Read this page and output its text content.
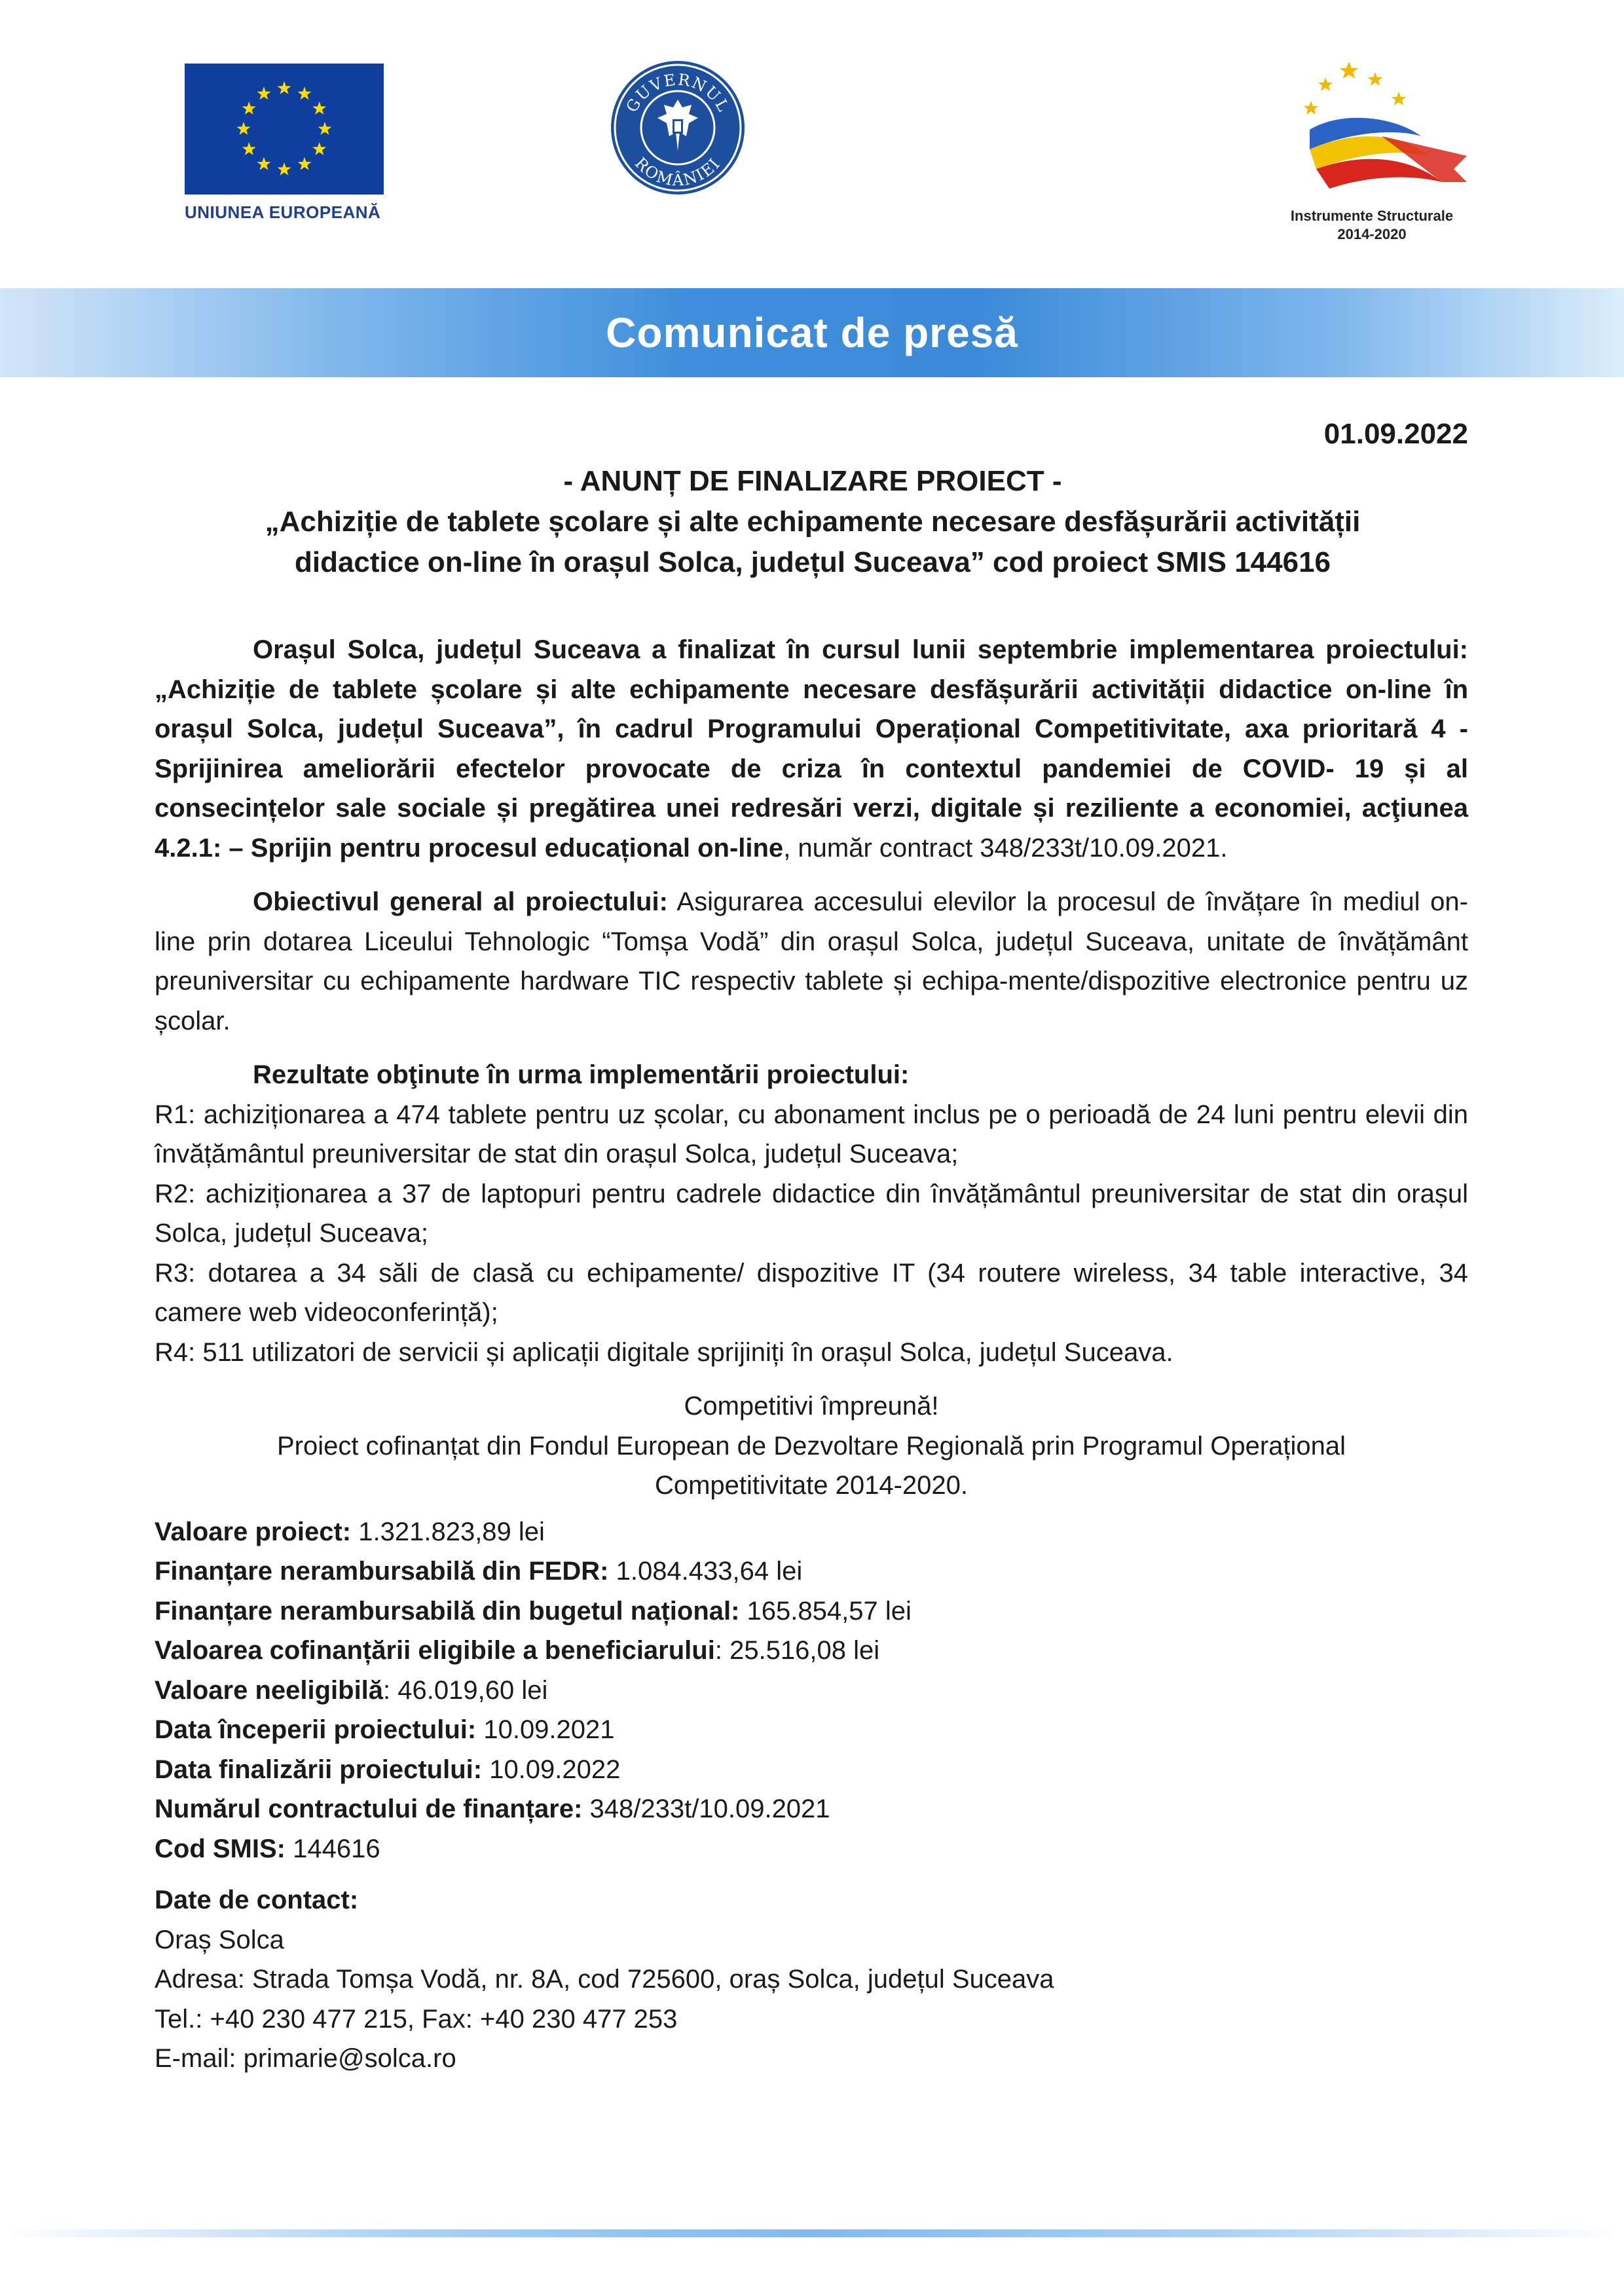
UNIUNEA EUROPEANĂ
GUVERNUL
ROMÂNIEI
Instrumente Structurale
2014-2020
Comunicat de presă
01.09.2022
- ANUNȚ DE FINALIZARE PROIECT -
„Achiziție de tablete școlare și alte echipamente necesare desfășurării activității
didactice on-line în orașul Solca, județul Suceava” cod proiect SMIS 144616

Orașul Solca, județul Suceava a finalizat în cursul lunii septembrie implementarea proiectului: „Achiziție de tablete școlare și alte echipamente necesare desfășurării activității didactice on-line în orașul Solca, județul Suceava”, în cadrul Programului Operațional Competitivitate, axa prioritară 4 - Sprijinirea ameliorării efectelor provocate de criza în contextul pandemiei de COVID- 19 și al consecințelor sale sociale și pregătirea unei redresări verzi, digitale și reziliente a economiei, acţiunea 4.2.1: – Sprijin pentru procesul educațional on-line, număr contract 348/233t/10.09.2021.

Obiectivul general al proiectului: Asigurarea accesului elevilor la procesul de învățare în mediul on-line prin dotarea Liceului Tehnologic “Tomșa Vodă” din orașul Solca, județul Suceava, unitate de învățământ preuniversitar cu echipamente hardware TIC respectiv tablete și echipa-mente/dispozitive electronice pentru uz școlar.

Rezultate obţinute în urma implementării proiectului:

R1: achiziționarea a 474 tablete pentru uz școlar, cu abonament inclus pe o perioadă de 24 luni pentru elevii din învățământul preuniversitar de stat din orașul Solca, județul Suceava;

R2: achiziționarea a 37 de laptopuri pentru cadrele didactice din învățământul preuniversitar de stat din orașul Solca, județul Suceava;

R3: dotarea a 34 săli de clasă cu echipamente/ dispozitive IT (34 routere wireless, 34 table interactive, 34 camere web videoconferință);

R4: 511 utilizatori de servicii și aplicații digitale sprijiniți în orașul Solca, județul Suceava.

Competitivi împreună!
Proiect cofinanțat din Fondul European de Dezvoltare Regională prin Programul Operațional
Competitivitate 2014-2020.
Valoare proiect: 1.321.823,89 lei
Finanțare nerambursabilă din FEDR: 1.084.433,64 lei
Finanțare nerambursabilă din bugetul național: 165.854,57 lei
Valoarea cofinanțării eligibile a beneficiarului: 25.516,08 lei
Valoare neeligibilă: 46.019,60 lei
Data începerii proiectului: 10.09.2021
Data finalizării proiectului: 10.09.2022
Numărul contractului de finanțare: 348/233t/10.09.2021
Cod SMIS: 144616

Date de contact:

Oraș Solca

Adresa: Strada Tomșa Vodă, nr. 8A, cod 725600, oraș Solca, județul Suceava

Tel.: +40 230 477 215, Fax: +40 230 477 253

E-mail: primarie@solca.ro
